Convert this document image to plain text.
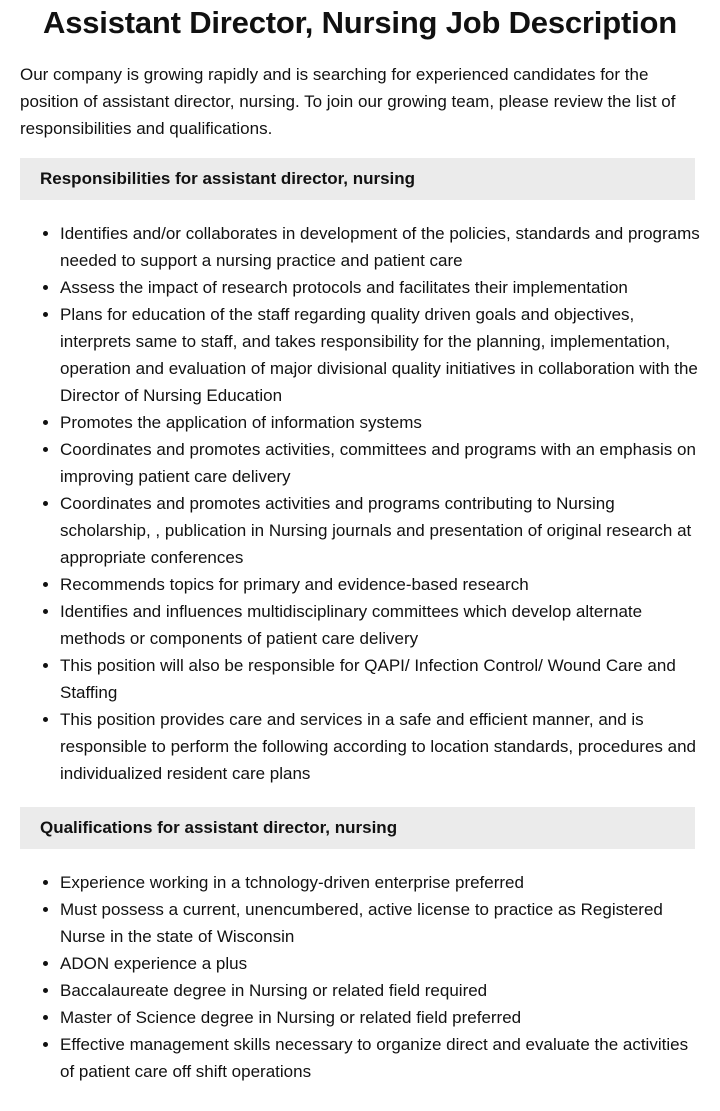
Assistant Director, Nursing Job Description

Our company is growing rapidly and is searching for experienced candidates for the position of assistant director, nursing. To join our growing team, please review the list of responsibilities and qualifications.

Responsibilities for assistant director, nursing
• Identifies and/or collaborates in development of the policies, standards and programs needed to support a nursing practice and patient care
• Assess the impact of research protocols and facilitates their implementation
• Plans for education of the staff regarding quality driven goals and objectives, interprets same to staff, and takes responsibility for the planning, implementation, operation and evaluation of major divisional quality initiatives in collaboration with the Director of Nursing Education
• Promotes the application of information systems
• Coordinates and promotes activities, committees and programs with an emphasis on improving patient care delivery
• Coordinates and promotes activities and programs contributing to Nursing scholarship, , publication in Nursing journals and presentation of original research at appropriate conferences
• Recommends topics for primary and evidence-based research
• Identifies and influences multidisciplinary committees which develop alternate methods or components of patient care delivery
• This position will also be responsible for QAPI/ Infection Control/ Wound Care and Staffing
• This position provides care and services in a safe and efficient manner, and is responsible to perform the following according to location standards, procedures and individualized resident care plans
Qualifications for assistant director, nursing
• Experience working in a tchnology-driven enterprise preferred
• Must possess a current, unencumbered, active license to practice as Registered Nurse in the state of Wisconsin
• ADON experience a plus
• Baccalaureate degree in Nursing or related field required
• Master of Science degree in Nursing or related field preferred
• Effective management skills necessary to organize direct and evaluate the activities of patient care off shift operations
